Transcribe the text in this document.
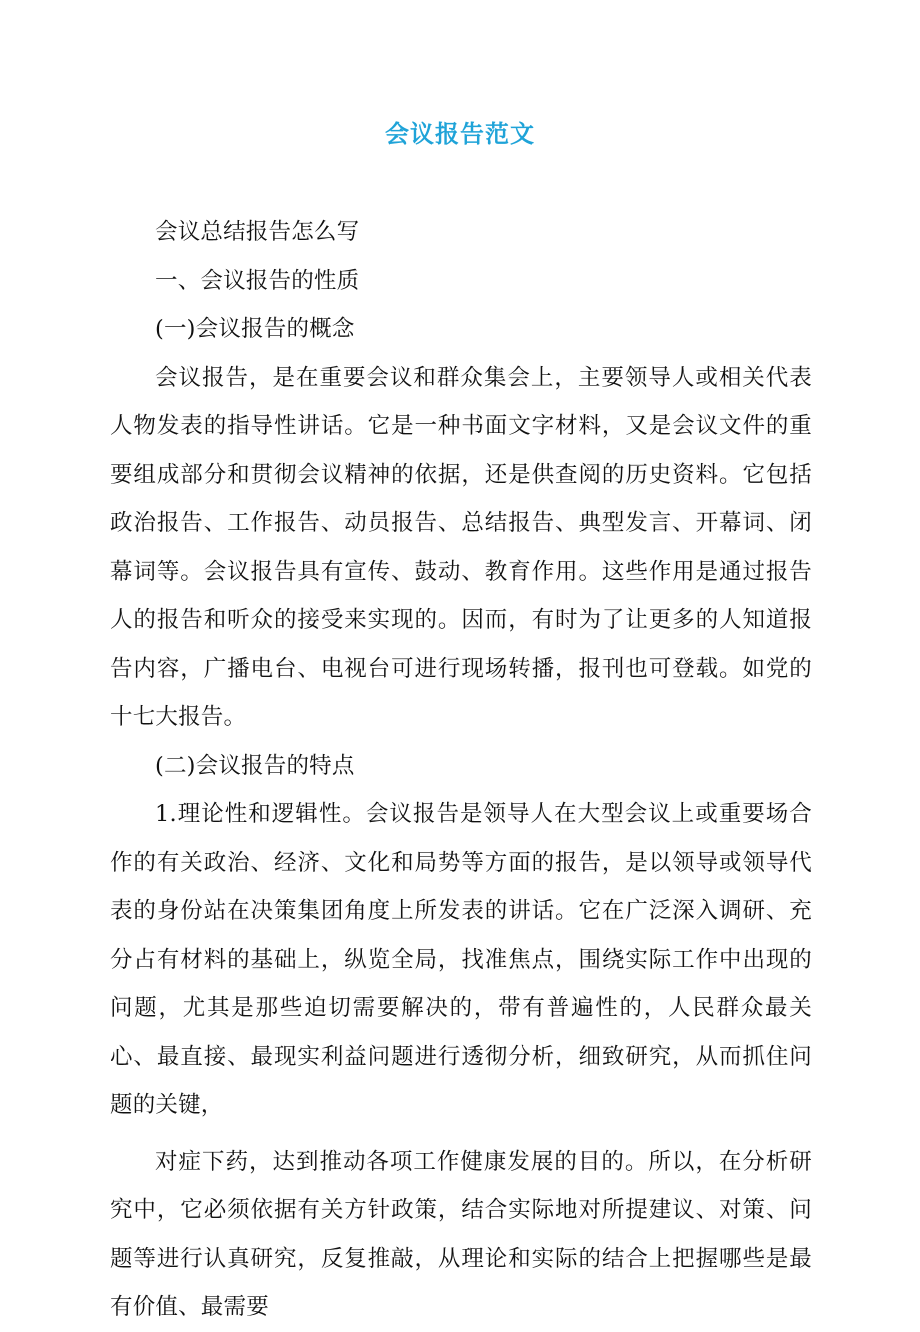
会议报告范文

会议总结报告怎么写

一、会议报告的性质

(一)会议报告的概念

会议报告，是在重要会议和群众集会上，主要领导人或相关代表人物发表的指导性讲话。它是一种书面文字材料，又是会议文件的重要组成部分和贯彻会议精神的依据，还是供查阅的历史资料。它包括政治报告、工作报告、动员报告、总结报告、典型发言、开幕词、闭幕词等。会议报告具有宣传、鼓动、教育作用。这些作用是通过报告人的报告和听众的接受来实现的。因而，有时为了让更多的人知道报告内容，广播电台、电视台可进行现场转播，报刊也可登载。如党的十七大报告。

(二)会议报告的特点

1.理论性和逻辑性。会议报告是领导人在大型会议上或重要场合作的有关政治、经济、文化和局势等方面的报告，是以领导或领导代表的身份站在决策集团角度上所发表的讲话。它在广泛深入调研、充分占有材料的基础上，纵览全局，找准焦点，围绕实际工作中出现的问题，尤其是那些迫切需要解决的，带有普遍性的，人民群众最关心、最直接、最现实利益问题进行透彻分析，细致研究，从而抓住问题的关键，

对症下药，达到推动各项工作健康发展的目的。所以，在分析研究中，它必须依据有关方针政策，结合实际地对所提建议、对策、问题等进行认真研究，反复推敲，从理论和实际的结合上把握哪些是最有价值、最需要
